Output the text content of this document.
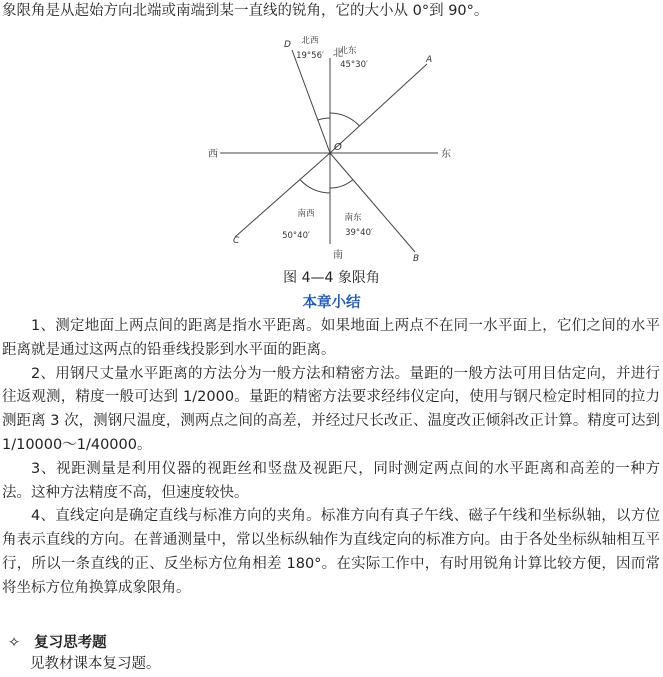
象限角是从起始方向北端或南端到某一直线的锐角，它的大小从 0°到 90°。
北
南
东
西
O
A
B
C
D 北西
19°56′ 北东
45°30′
南西
50°40′
南东
39°40′
图 4—4 象限角
本章小结

1、测定地面上两点间的距离是指水平距离。如果地面上两点不在同一水平面上，它们之间的水平距离就是通过这两点的铅垂线投影到水平面的距离。

2、用钢尺丈量水平距离的方法分为一般方法和精密方法。量距的一般方法可用目估定向，并进行往返观测，精度一般可达到 1/2000。量距的精密方法要求经纬仪定向，使用与钢尺检定时相同的拉力测距离 3 次，测钢尺温度，测两点之间的高差，并经过尺长改正、温度改正倾斜改正计算。精度可达到 1/10000～1/40000。

3、视距测量是利用仪器的视距丝和竖盘及视距尺，同时测定两点间的水平距离和高差的一种方法。这种方法精度不高，但速度较快。

4、直线定向是确定直线与标准方向的夹角。标准方向有真子午线、磁子午线和坐标纵轴，以方位角表示直线的方向。在普通测量中，常以坐标纵轴作为直线定向的标准方向。由于各处坐标纵轴相互平行，所以一条直线的正、反坐标方位角相差 180°。在实际工作中，有时用锐角计算比较方便，因而常将坐标方位角换算成象限角。

✧ 复习思考题
见教材课本复习题。
